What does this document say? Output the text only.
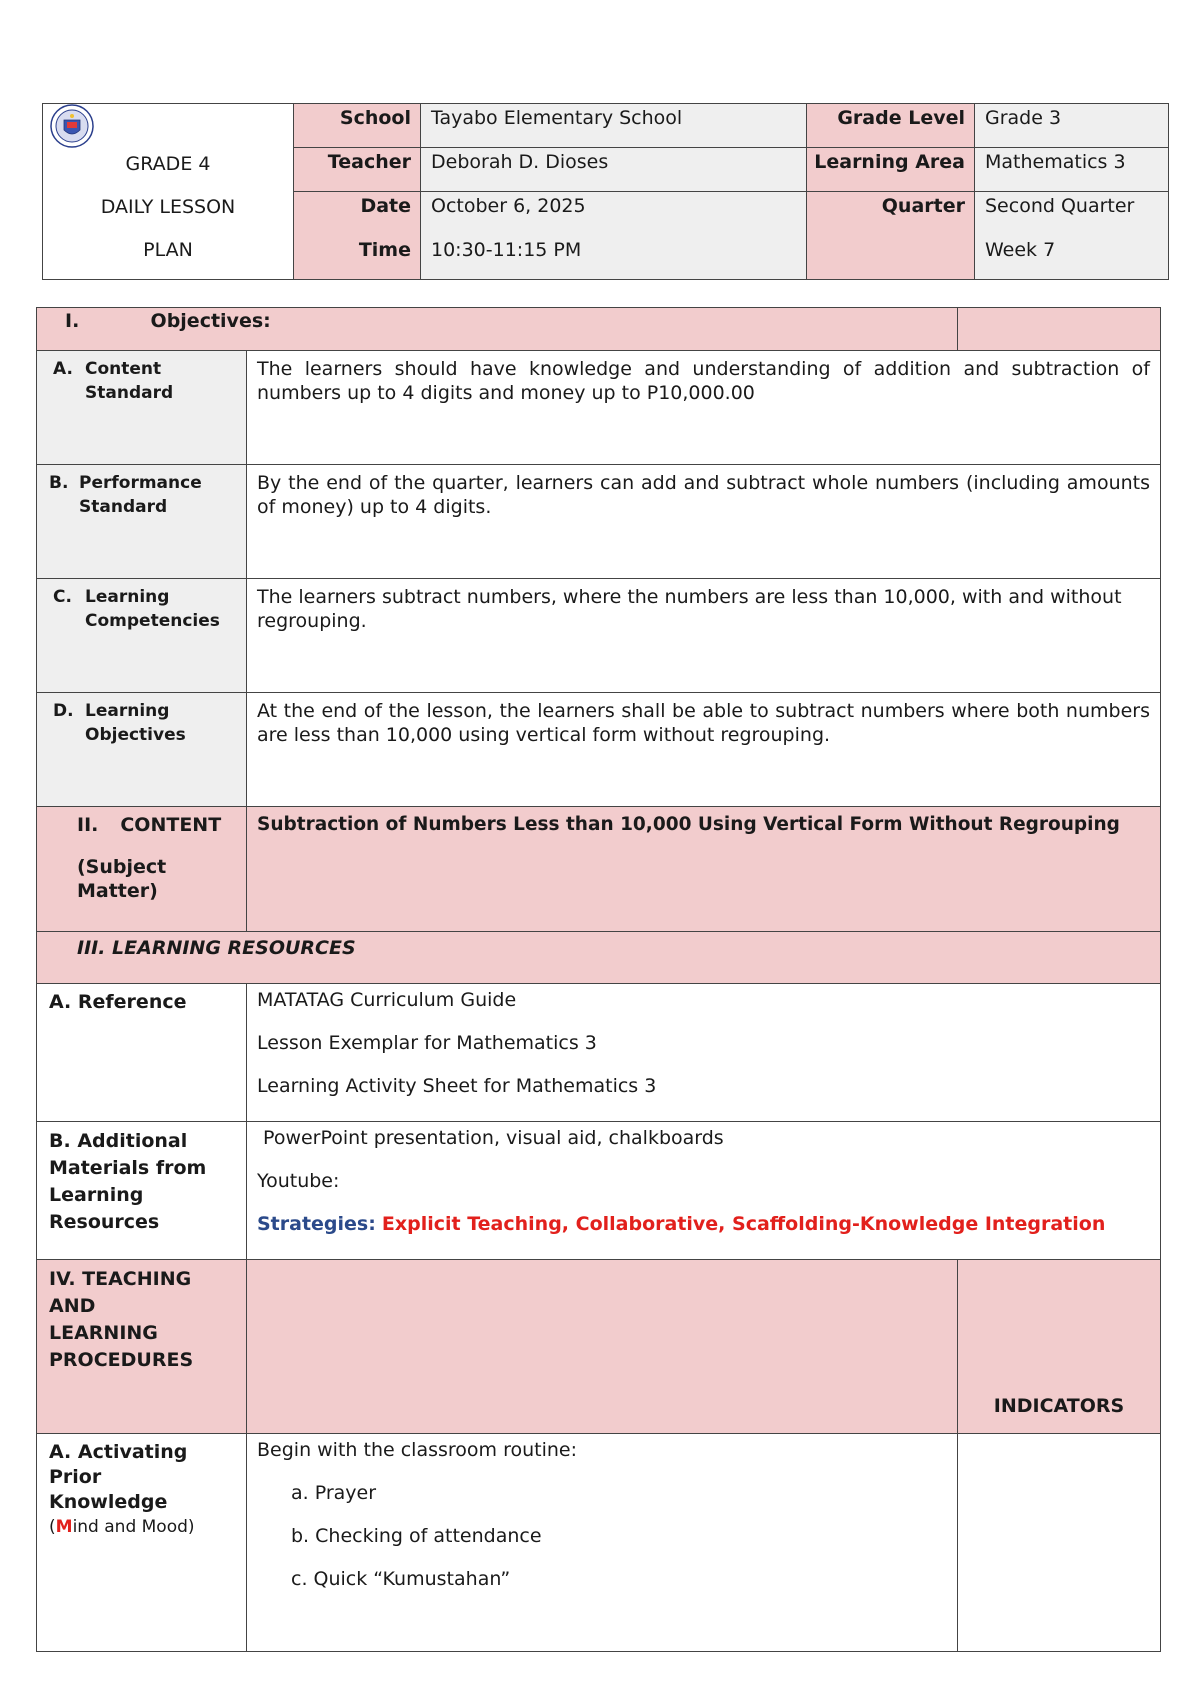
GRADE 4
DAILY LESSON
PLAN	School	Tayabo Elementary School	Grade Level	Grade 3
	Teacher	Deborah D. Dioses	Learning Area	Mathematics 3
	Date	October 6, 2025	Quarter	Second Quarter
	Time	10:30-11:15 PM		Week 7
I. Objectives:		
A. Content
Standard	The learners should have knowledge and understanding of addition and subtraction of numbers up to 4 digits and money up to P10,000.00	
B. Performance
Standard	By the end of the quarter, learners can add and subtract whole numbers (including amounts of money) up to 4 digits.	
C. Learning
Competencies	The learners subtract numbers, where the numbers are less than 10,000, with and without regrouping.	
D. Learning
Objectives	At the end of the lesson, the learners shall be able to subtract numbers where both numbers are less than 10,000 using vertical form without regrouping.	
II. CONTENT

(Subject
Matter)	Subtraction of Numbers Less than 10,000 Using Vertical Form Without Regrouping	
III. LEARNING RESOURCES		
A. Reference	MATATAG Curriculum Guide
Lesson Exemplar for Mathematics 3
Learning Activity Sheet for Mathematics 3	

B. Additional
Materials from
Learning
Resources	PowerPoint presentation, visual aid, chalkboards
Youtube:
Strategies: Explicit Teaching, Collaborative, Scaffolding-Knowledge Integration	

IV. TEACHING AND
LEARNING
PROCEDURES		INDICATORS
A. Activating Prior
Knowledge
(Mind and Mood)	Begin with the classroom routine:
a. Prayer
b. Checking of attendance
c. Quick “Kumustahan”	
